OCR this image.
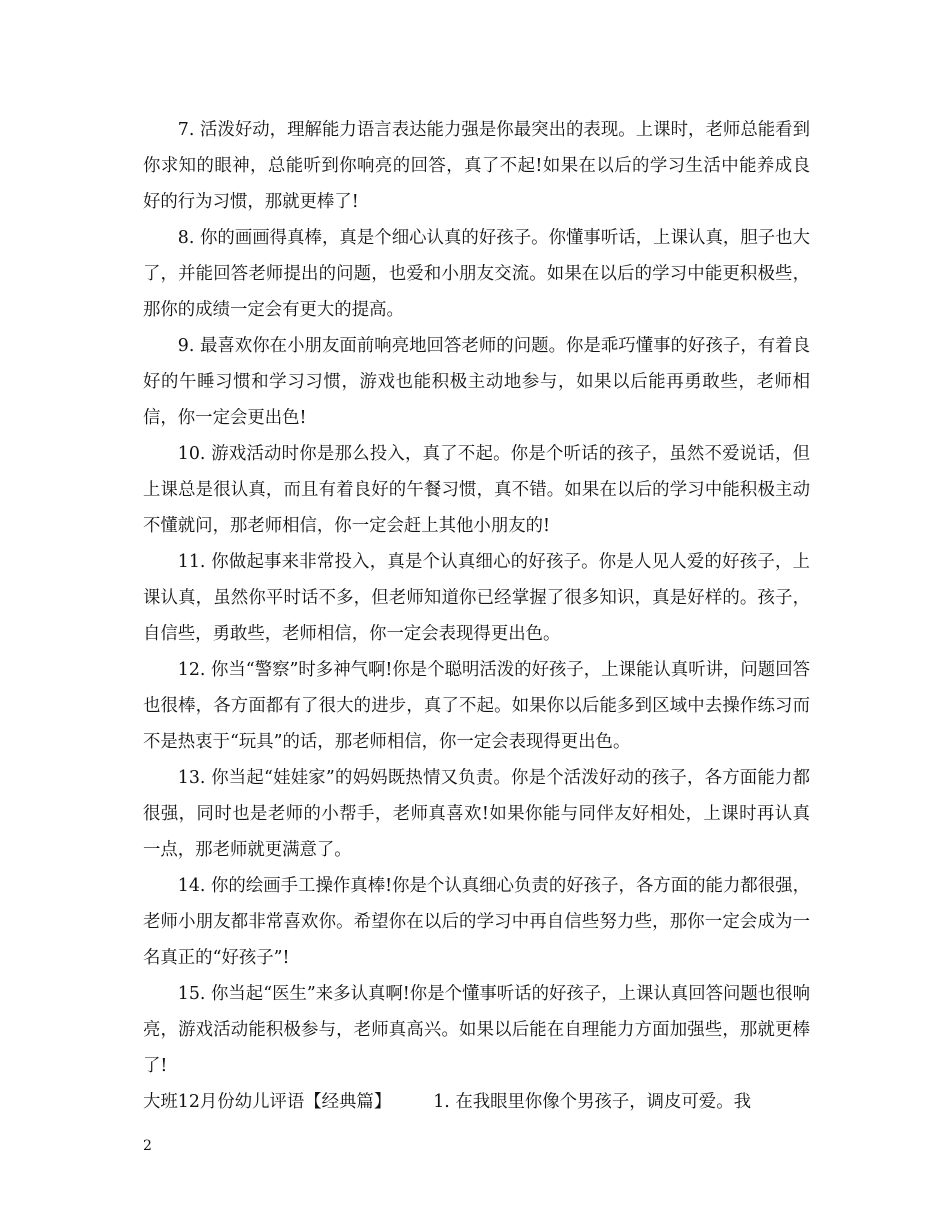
7. 活泼好动，理解能力语言表达能力强是你最突出的表现。上课时，老师总能看到你求知的眼神，总能听到你响亮的回答，真了不起!如果在以后的学习生活中能养成良好的行为习惯，那就更棒了!

8. 你的画画得真棒，真是个细心认真的好孩子。你懂事听话，上课认真，胆子也大了，并能回答老师提出的问题，也爱和小朋友交流。如果在以后的学习中能更积极些，那你的成绩一定会有更大的提高。

9. 最喜欢你在小朋友面前响亮地回答老师的问题。你是乖巧懂事的好孩子，有着良好的午睡习惯和学习习惯，游戏也能积极主动地参与，如果以后能再勇敢些，老师相信，你一定会更出色!

10. 游戏活动时你是那么投入，真了不起。你是个听话的孩子，虽然不爱说话，但上课总是很认真，而且有着良好的午餐习惯，真不错。如果在以后的学习中能积极主动不懂就问，那老师相信，你一定会赶上其他小朋友的!

11. 你做起事来非常投入，真是个认真细心的好孩子。你是人见人爱的好孩子，上课认真，虽然你平时话不多，但老师知道你已经掌握了很多知识，真是好样的。孩子，自信些，勇敢些，老师相信，你一定会表现得更出色。

12. 你当“警察”时多神气啊!你是个聪明活泼的好孩子，上课能认真听讲，问题回答也很棒，各方面都有了很大的进步，真了不起。如果你以后能多到区域中去操作练习而不是热衷于“玩具”的话，那老师相信，你一定会表现得更出色。

13. 你当起“娃娃家”的妈妈既热情又负责。你是个活泼好动的孩子，各方面能力都很强，同时也是老师的小帮手，老师真喜欢!如果你能与同伴友好相处，上课时再认真一点，那老师就更满意了。

14. 你的绘画手工操作真棒!你是个认真细心负责的好孩子，各方面的能力都很强，老师小朋友都非常喜欢你。希望你在以后的学习中再自信些努力些，那你一定会成为一名真正的“好孩子”!

15. 你当起“医生”来多认真啊!你是个懂事听话的好孩子，上课认真回答问题也很响亮，游戏活动能积极参与，老师真高兴。如果以后能在自理能力方面加强些，那就更棒了!

大班12月份幼儿评语【经典篇】 1. 在我眼里你像个男孩子，调皮可爱。我

2
